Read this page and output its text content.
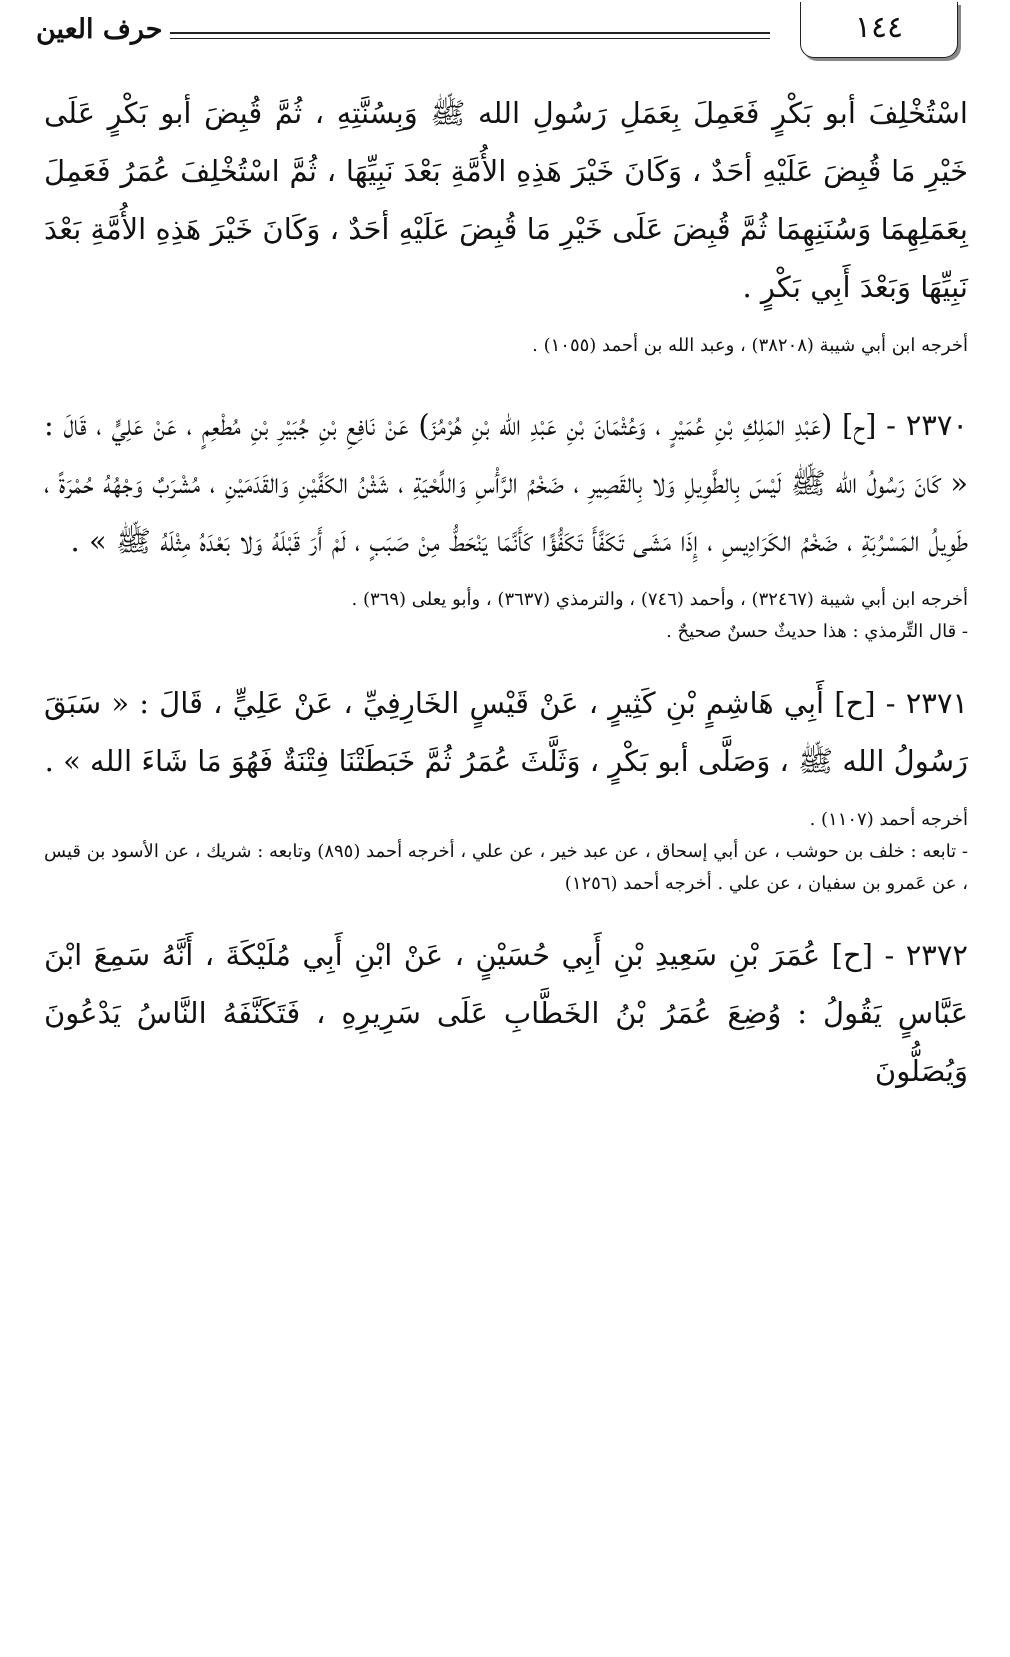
١٤٤
حرف العين

اسْتُخْلِفَ أبو بَكْرٍ فَعَمِلَ بِعَمَلِ رَسُولِ الله ﷺ وَبِسُنَّتِهِ ، ثُمَّ قُبِضَ أبو بَكْرٍ عَلَى خَيْرِ مَا قُبِضَ عَلَيْهِ أحَدٌ ، وَكَانَ خَيْرَ هَذِهِ الأُمَّةِ بَعْدَ نَبِيِّهَا ، ثُمَّ اسْتُخْلِفَ عُمَرُ فَعَمِلَ بِعَمَلِهِمَا وَسُنَنِهِمَا ثُمَّ قُبِضَ عَلَى خَيْرِ مَا قُبِضَ عَلَيْهِ أحَدٌ ، وَكَانَ خَيْرَ هَذِهِ الأُمَّةِ بَعْدَ نَبِيِّهَا وَبَعْدَ أَبِي بَكْرٍ .

أخرجه ابن أبي شيبة (٣٨٢٠٨) ، وعبد الله بن أحمد (١٠٥٥) .

٢٣٧٠ - [ح] (عَبْدِ المَلِكِ بْنِ عُمَيْرٍ ، وَعُثْمَانَ بْنِ عَبْدِ الله بْنِ هُرْمُزَ) عَنْ نَافِعِ بْنِ جُبَيْرِ بْنِ مُطْعِمٍ ، عَنْ عَلِيٍّ ، قَالَ : « كَانَ رَسُولُ الله ﷺ لَيْسَ بِالطَّوِيلِ وَلا بِالقَصِيرِ ، ضَخْمُ الرَّأْسِ وَاللِّحْيَةِ ، شَثْنُ الكَفَّيْنِ وَالقَدَمَيْنِ ، مُشْرَبٌ وَجْهُهُ حُمْرَةً ، طَوِيلُ المَسْرُبَةِ ، ضَخْمُ الكَرَادِيسِ ، إِذَا مَشَى تَكَفَّأَ تَكَفُّؤًا كَأَنَّمَا يَنْحَطُّ مِنْ صَبَبٍ ، لَمْ أَرَ قَبْلَهُ وَلا بَعْدَهُ مِثْلَهُ ﷺ » .

أخرجه ابن أبي شيبة (٣٢٤٦٧) ، وأحمد (٧٤٦) ، والترمذي (٣٦٣٧) ، وأبو يعلى (٣٦٩) .

- قال التِّرمذي : هذا حديثٌ حسنٌ صحيحٌ .

٢٣٧١ - [ح] أَبِي هَاشِمٍ بْنِ كَثِيرٍ ، عَنْ قَيْسٍ الخَارِفِيِّ ، عَنْ عَلِيٍّ ، قَالَ : « سَبَقَ رَسُولُ الله ﷺ ، وَصَلَّى أبو بَكْرٍ ، وَثَلَّثَ عُمَرُ ثُمَّ خَبَطَتْنَا فِتْنَةٌ فَهُوَ مَا شَاءَ الله » .

أخرجه أحمد (١١٠٧) .

- تابعه : خلف بن حوشب ، عن أبي إسحاق ، عن عبد خير ، عن علي ، أخرجه أحمد (٨٩٥) وتابعه : شريك ، عن الأسود بن قيس ، عن عَمرو بن سفيان ، عن علي . أخرجه أحمد (١٢٥٦)

٢٣٧٢ - [ح] عُمَرَ بْنِ سَعِيدِ بْنِ أَبِي حُسَيْنٍ ، عَنْ ابْنِ أَبِي مُلَيْكَةَ ، أَنَّهُ سَمِعَ ابْنَ عَبَّاسٍ يَقُولُ : وُضِعَ عُمَرُ بْنُ الخَطَّابِ عَلَى سَرِيرِهِ ، فَتَكَنَّفَهُ النَّاسُ يَدْعُونَ وَيُصَلُّونَ
